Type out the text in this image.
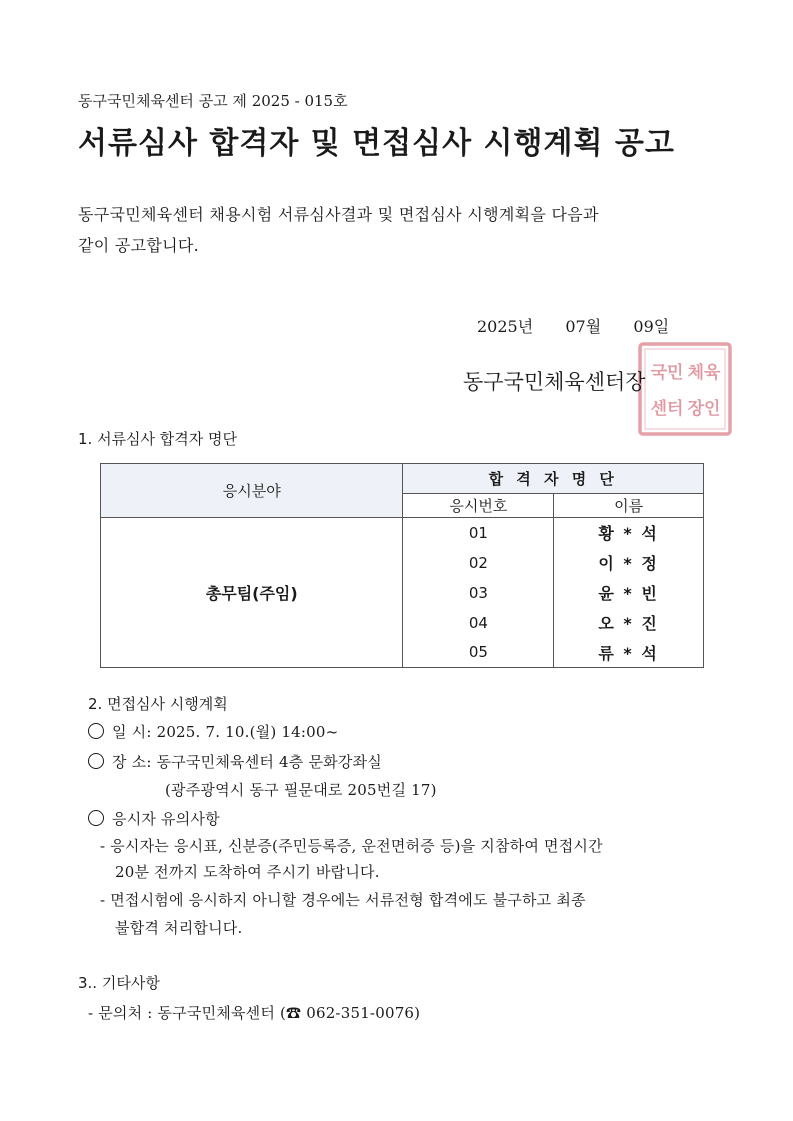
동구국민체육센터 공고 제 2025 - 015호
서류심사 합격자 및 면접심사 시행계획 공고
동구국민체육센터 채용시험 서류심사결과 및 면접심사 시행계획을 다음과
같이 공고합니다.
2025년 07월 09일
국민 체육
센터 장인
동구국민체육센터장
1. 서류심사 합격자 명단
응시분야	합 격 자 명 단	
	응시번호	이름
총무팀(주임)	01	황 * 석
	02	이 * 정
	03	윤 * 빈
	04	오 * 진
	05	류 * 석
2. 면접심사 시행계획
일 시: 2025. 7. 10.(월) 14:00~
장 소: 동구국민체육센터 4층 문화강좌실
(광주광역시 동구 필문대로 205번길 17)
응시자 유의사항
- 응시자는 응시표, 신분증(주민등록증, 운전면허증 등)을 지참하여 면접시간
20분 전까지 도착하여 주시기 바랍니다.
- 면접시험에 응시하지 아니할 경우에는 서류전형 합격에도 불구하고 최종
불합격 처리합니다.
3.. 기타사항
- 문의처 : 동구국민체육센터 (☎ 062-351-0076)
